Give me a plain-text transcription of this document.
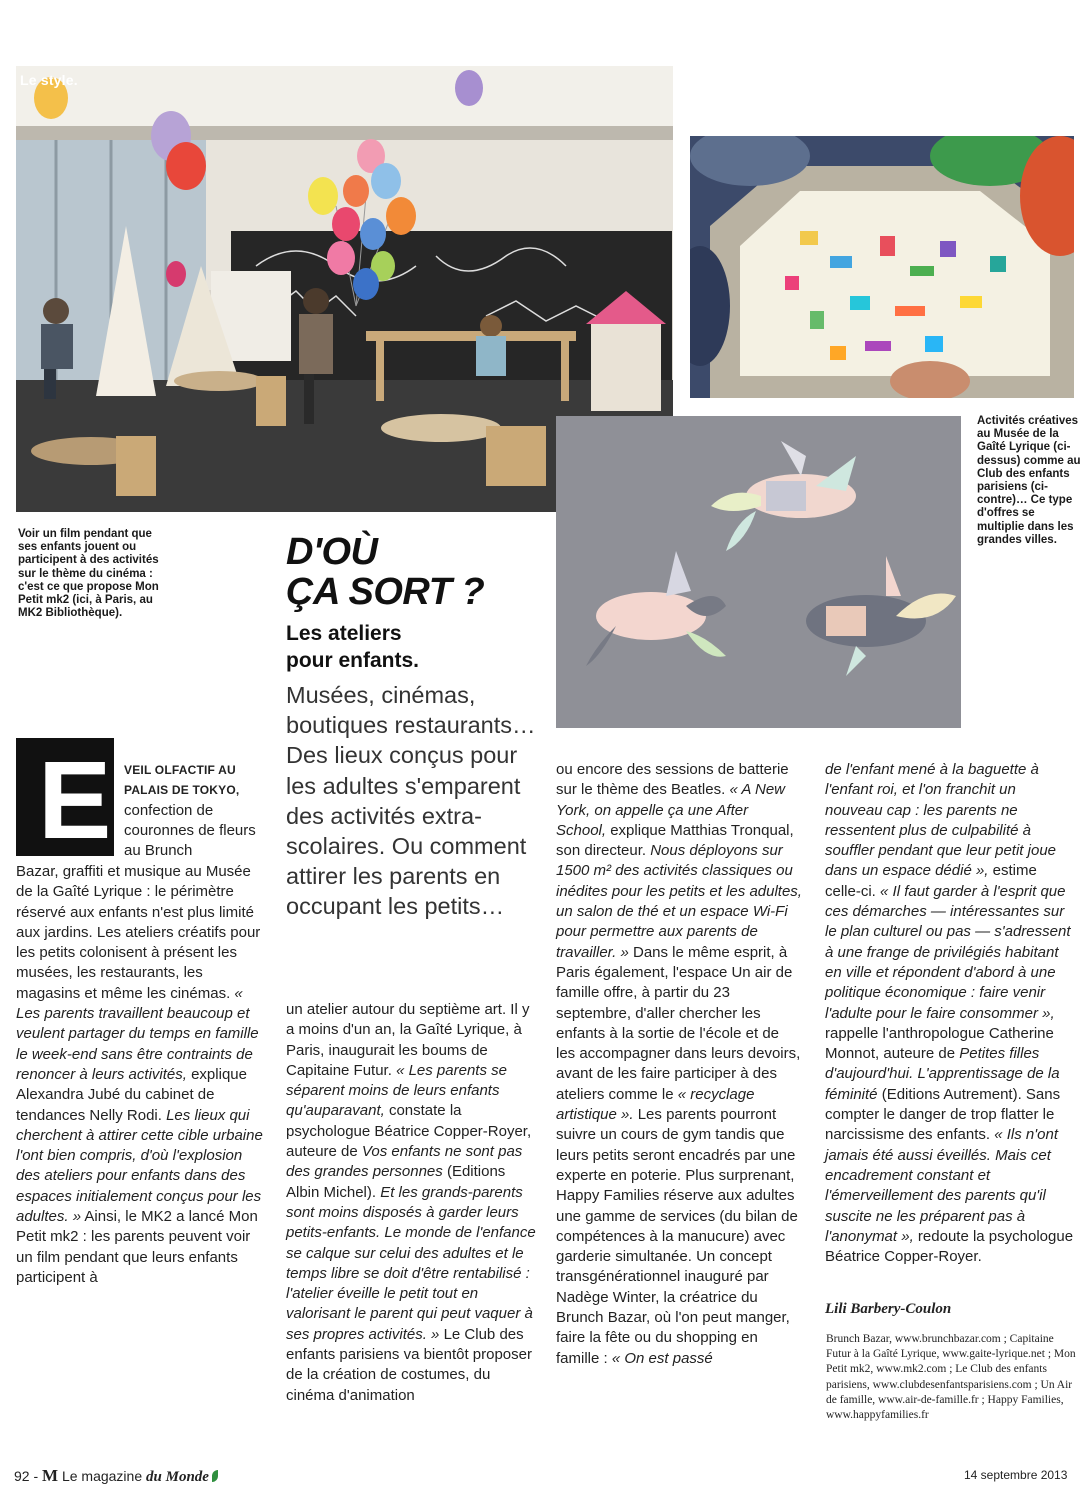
Le style.
Voir un film pendant que ses enfants jouent ou participent à des activités sur le thème du cinéma : c'est ce que propose Mon Petit mk2 (ici, à Paris, au MK2 Bibliothèque).
Activités créatives au Musée de la Gaîté Lyrique (ci-dessus) comme au Club des enfants parisiens (ci-contre)… Ce type d'offres se multiplie dans les grandes villes.
D'OÙ
ÇA SORT ?
Les ateliers
pour enfants.
Musées, cinémas, boutiques restaurants… Des lieux conçus pour les adultes s'emparent des activités extra-scolaires. Ou comment attirer les parents en occupant les petits…
E VEIL OLFACTIF AU PALAIS DE TOKYO, confection de couronnes de fleurs au Brunch
Bazar, graffiti et musique au Musée de la Gaîté Lyrique : le périmètre réservé aux enfants n'est plus limité aux jardins. Les ateliers créatifs pour les petits colonisent à présent les musées, les restaurants, les magasins et même les cinémas. « Les parents travaillent beaucoup et veulent partager du temps en famille le week-end sans être contraints de renoncer à leurs activités, explique Alexandra Jubé du cabinet de tendances Nelly Rodi. Les lieux qui cherchent à attirer cette cible urbaine l'ont bien compris, d'où l'explosion des ateliers pour enfants dans des espaces initialement conçus pour les adultes. » Ainsi, le MK2 a lancé Mon Petit mk2 : les parents peuvent voir un film pendant que leurs enfants participent à
un atelier autour du septième art. Il y a moins d'un an, la Gaîté Lyrique, à Paris, inaugurait les boums de Capitaine Futur. « Les parents se séparent moins de leurs enfants qu'auparavant, constate la psychologue Béatrice Copper-Royer, auteure de Vos enfants ne sont pas des grandes personnes (Editions Albin Michel). Et les grands-parents sont moins disposés à garder leurs petits-enfants. Le monde de l'enfance se calque sur celui des adultes et le temps libre se doit d'être rentabilisé : l'atelier éveille le petit tout en valorisant le parent qui peut vaquer à ses propres activités. » Le Club des enfants parisiens va bientôt proposer de la création de costumes, du cinéma d'animation
ou encore des sessions de batterie sur le thème des Beatles. « A New York, on appelle ça une After School, explique Matthias Tronqual, son directeur. Nous déployons sur 1500 m² des activités classiques ou inédites pour les petits et les adultes, un salon de thé et un espace Wi-Fi pour permettre aux parents de travailler. » Dans le même esprit, à Paris également, l'espace Un air de famille offre, à partir du 23 septembre, d'aller chercher les enfants à la sortie de l'école et de les accompagner dans leurs devoirs, avant de les faire participer à des ateliers comme le « recyclage artistique ». Les parents pourront suivre un cours de gym tandis que leurs petits seront encadrés par une experte en poterie. Plus surprenant, Happy Families réserve aux adultes une gamme de services (du bilan de compétences à la manucure) avec garderie simultanée. Un concept transgénérationnel inauguré par Nadège Winter, la créatrice du Brunch Bazar, où l'on peut manger, faire la fête ou du shopping en famille : « On est passé
de l'enfant mené à la baguette à l'enfant roi, et l'on franchit un nouveau cap : les parents ne ressentent plus de culpabilité à souffler pendant que leur petit joue dans un espace dédié », estime celle-ci. « Il faut garder à l'esprit que ces démarches — intéressantes sur le plan culturel ou pas — s'adressent à une frange de privilégiés habitant en ville et répondent d'abord à une politique économique : faire venir l'adulte pour le faire consommer », rappelle l'anthropologue Catherine Monnot, auteure de Petites filles d'aujourd'hui. L'apprentissage de la féminité (Editions Autrement). Sans compter le danger de trop flatter le narcissisme des enfants. « Ils n'ont jamais été aussi éveillés. Mais cet encadrement constant et l'émerveillement des parents qu'il suscite ne les préparent pas à l'anonymat », redoute la psychologue Béatrice Copper-Royer.
Lili Barbery-Coulon
Brunch Bazar, www.brunchbazar.com ; Capitaine Futur à la Gaîté Lyrique, www.gaite-lyrique.net ; Mon Petit mk2, www.mk2.com ; Le Club des enfants parisiens, www.clubdesenfantsparisiens.com ; Un Air de famille, www.air-de-famille.fr ; Happy Families, www.happyfamilies.fr
92 - M Le magazine du Monde	14 septembre 2013
